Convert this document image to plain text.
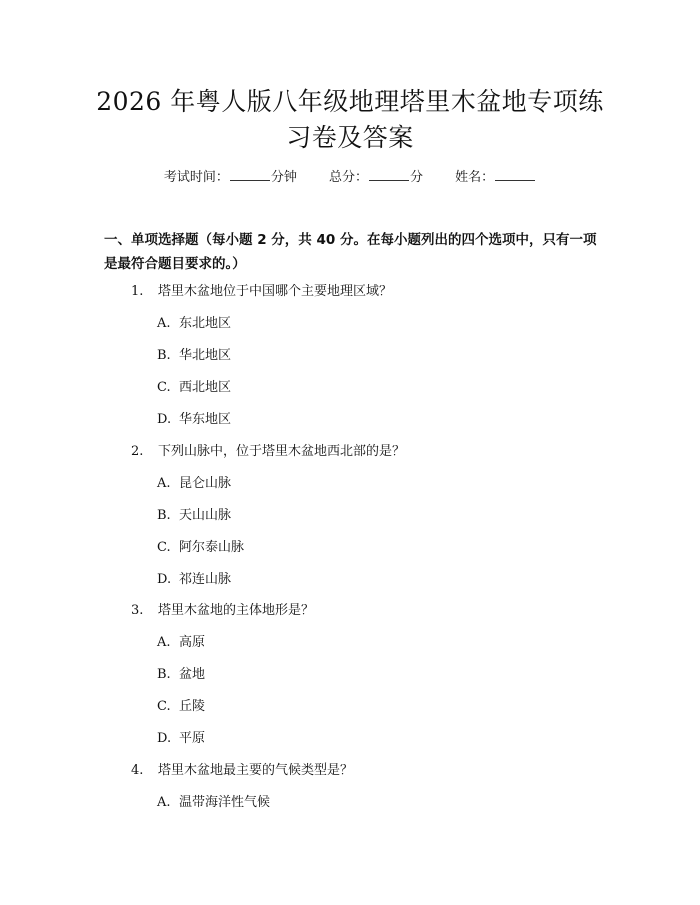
2026 年粤人版八年级地理塔里木盆地专项练
习卷及答案
考试时间：	分钟 总分：	分 姓名：
一、单项选择题（每小题 2 分，共 40 分。在每小题列出的四个选项中，只有一项
是最符合题目要求的。）
1. 塔里木盆地位于中国哪个主要地理区域？
A. 东北地区
B. 华北地区
C. 西北地区
D. 华东地区
2. 下列山脉中，位于塔里木盆地西北部的是？
A. 昆仑山脉
B. 天山山脉
C. 阿尔泰山脉
D. 祁连山脉
3. 塔里木盆地的主体地形是？
A. 高原
B. 盆地
C. 丘陵
D. 平原
4. 塔里木盆地最主要的气候类型是？
A. 温带海洋性气候
